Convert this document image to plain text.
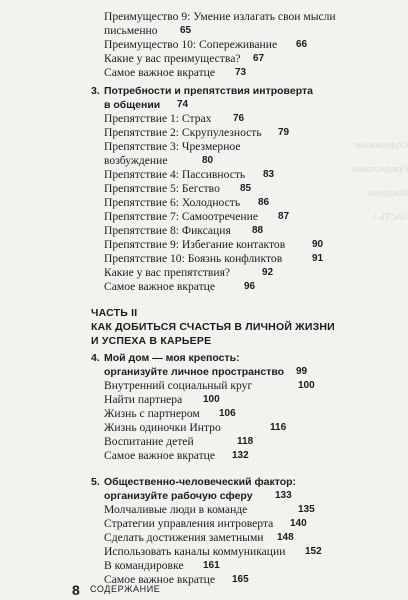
Содержание
Предисловие
Введение
ЧАСТЬ I
Преимущество 9: Умение излагать свои мысли
письменно 65
Преимущество 10: Сопереживание 66
Какие у вас преимущества? 67
Самое важное вкратце 73
3. Потребности и препятствия интроверта
в общении 74
Препятствие 1: Страх 76
Препятствие 2: Скрупулезность 79
Препятствие 3: Чрезмерное
возбуждение	80
Препятствие 4: Пассивность 83
Препятствие 5: Бегство 85
Препятствие 6: Холодность 86
Препятствие 7: Самоотречение 87
Препятствие 8: Фиксация 88
Препятствие 9: Избегание контактов	90
Препятствие 10: Боязнь конфликтов	91
Какие у вас препятствия?	92
Самое важное вкратце	96
ЧАСТЬ II
КАК ДОБИТЬСЯ СЧАСТЬЯ В ЛИЧНОЙ ЖИЗНИ
И УСПЕХА В КАРЬЕРЕ
4. Мой дом — моя крепость:
организуйте личное пространство 99
Внутренний социальный круг	100
Найти партнера 100
Жизнь с партнером 106
Жизнь одиночки Интро	116
Воспитание детей	118
Самое важное вкратце 132
5. Общественно-человеческий фактор:
организуйте рабочую сферу 133
Молчаливые люди в команде	135
Стратегии управления интроверта 140
Сделать достижения заметными 148
Использовать каналы коммуникации 152
В командировке 161
Самое важное вкратце 165
8 СОДЕРЖАНИЕ
